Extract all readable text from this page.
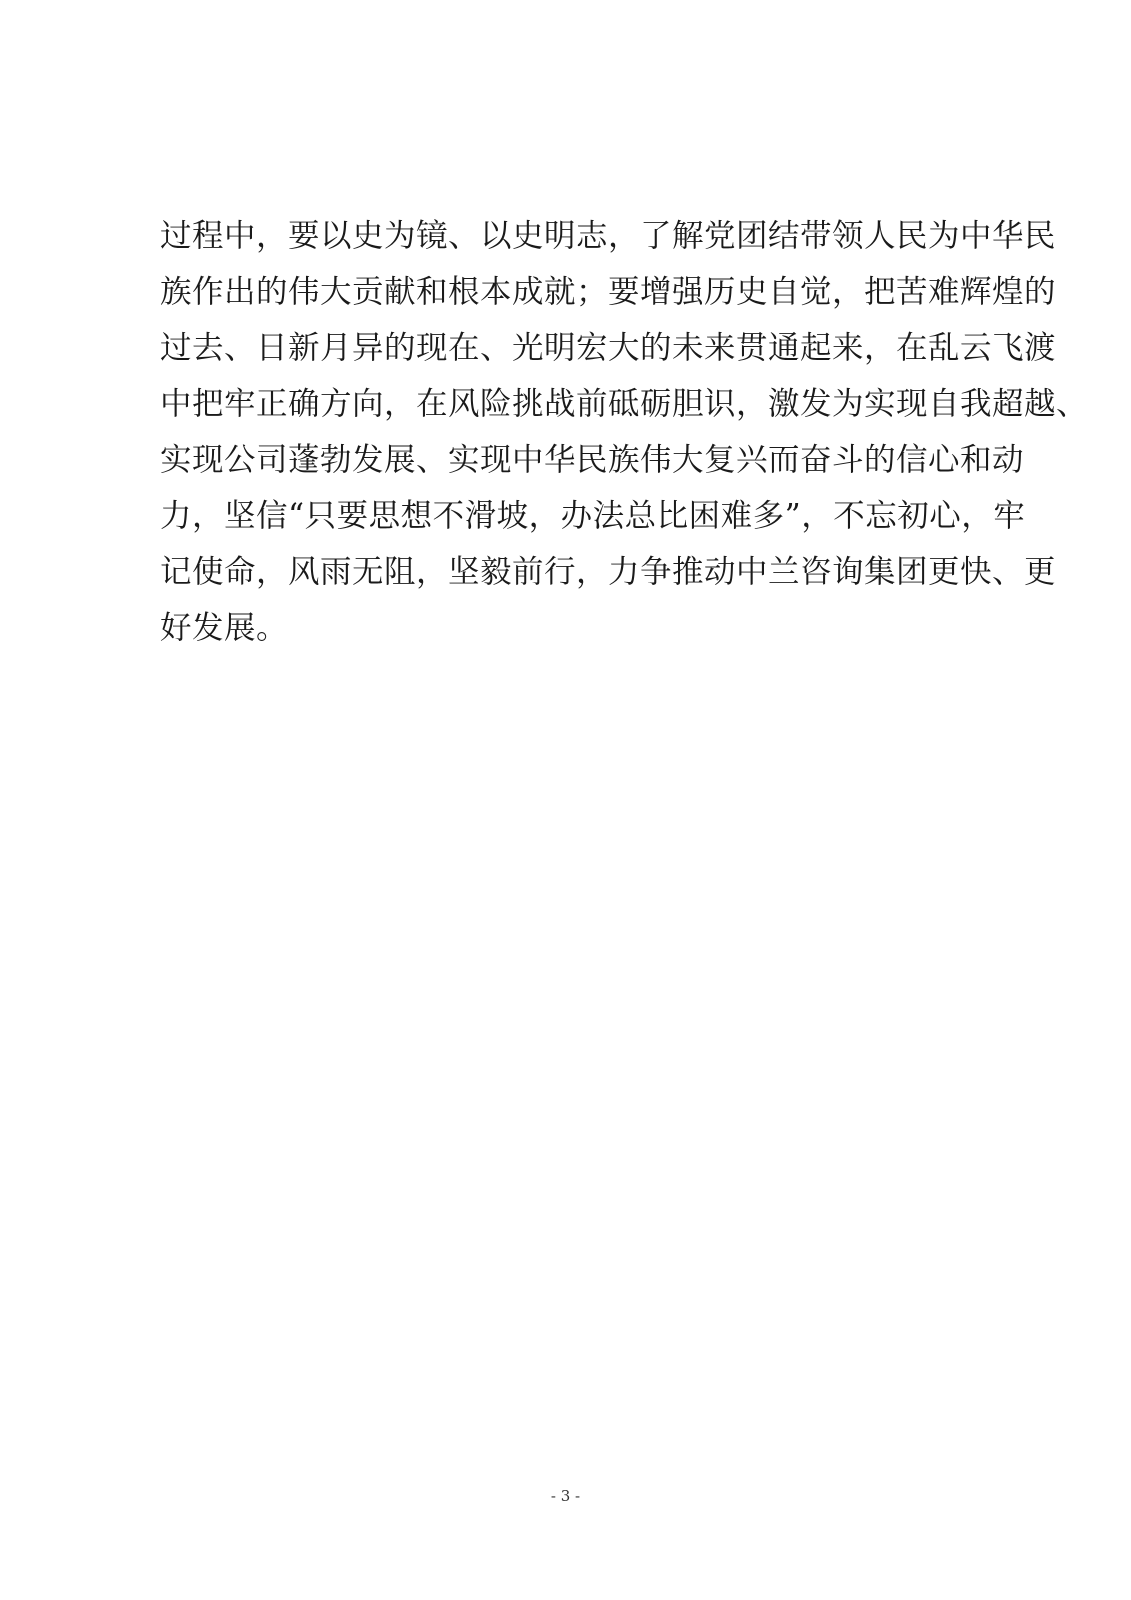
过程中，要以史为镜、以史明志，了解党团结带领人民为中华民
族作出的伟大贡献和根本成就；要增强历史自觉，把苦难辉煌的
过去、日新月异的现在、光明宏大的未来贯通起来，在乱云飞渡
中把牢正确方向，在风险挑战前砥砺胆识，激发为实现自我超越、
实现公司蓬勃发展、实现中华民族伟大复兴而奋斗的信心和动
力，坚信“只要思想不滑坡，办法总比困难多”，不忘初心，牢
记使命，风雨无阻，坚毅前行，力争推动中兰咨询集团更快、更
好发展。
- 3 -
